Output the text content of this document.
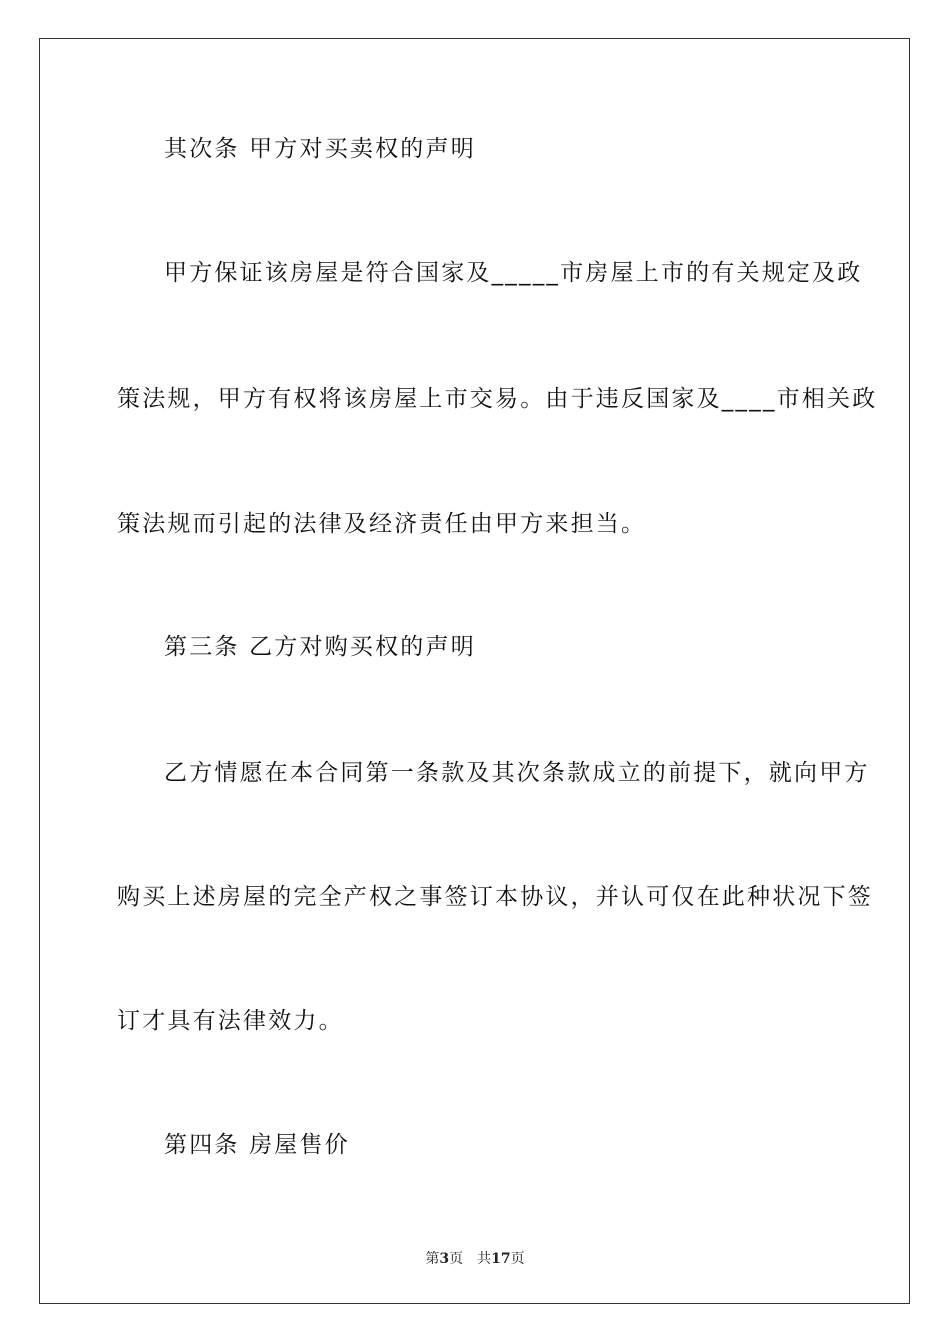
其次条 甲方对买卖权的声明
甲方保证该房屋是符合国家及_____市房屋上市的有关规定及政
策法规，甲方有权将该房屋上市交易。由于违反国家及____市相关政
策法规而引起的法律及经济责任由甲方来担当。
第三条 乙方对购买权的声明
乙方情愿在本合同第一条款及其次条款成立的前提下，就向甲方
购买上述房屋的完全产权之事签订本协议，并认可仅在此种状况下签
订才具有法律效力。
第四条 房屋售价
第3页 共17页
